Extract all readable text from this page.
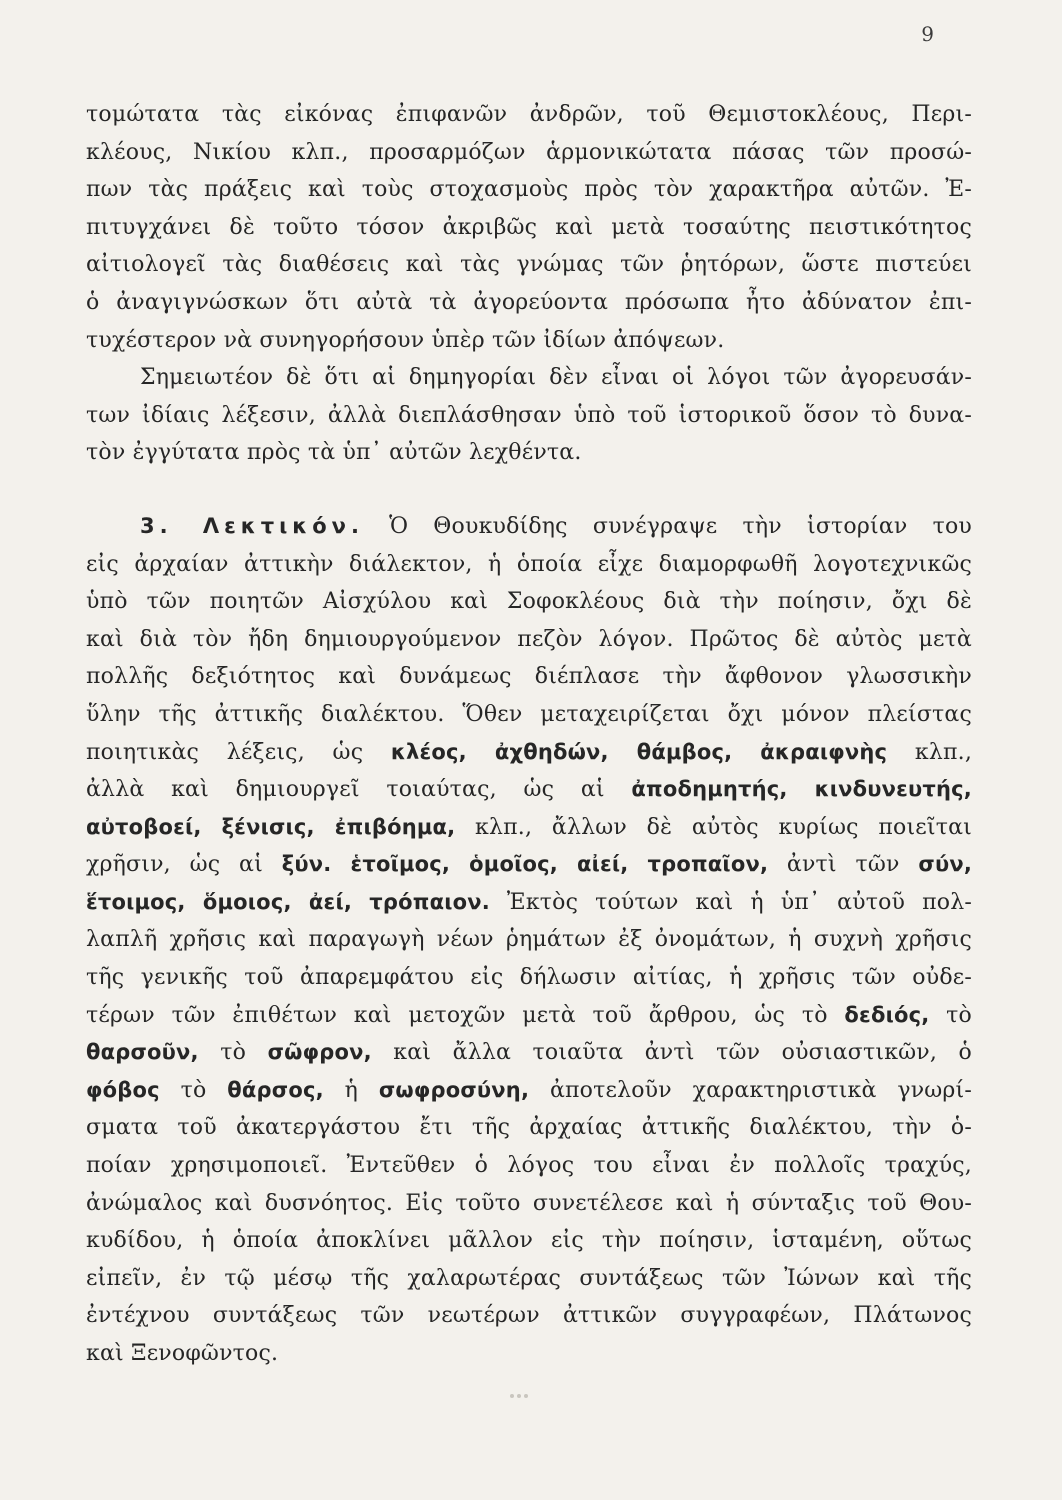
9
τομώτατα τὰς εἰκόνας ἐπιφανῶν ἀνδρῶν, τοῦ Θεμιστοκλέους, Περι-
κλέους, Νικίου κλπ., προσαρμόζων ἁρμονικώτατα πάσας τῶν προσώ-
πων τὰς πράξεις καὶ τοὺς στοχασμοὺς πρὸς τὸν χαρακτῆρα αὐτῶν. Ἐ-
πιτυγχάνει δὲ τοῦτο τόσον ἀκριβῶς καὶ μετὰ τοσαύτης πειστικότητος
αἰτιολογεῖ τὰς διαθέσεις καὶ τὰς γνώμας τῶν ῥητόρων, ὥστε πιστεύει
ὁ ἀναγιγνώσκων ὅτι αὐτὰ τὰ ἀγορεύοντα πρόσωπα ἦτο ἀδύνατον ἐπι-
τυχέστερον νὰ συνηγορήσουν ὑπὲρ τῶν ἰδίων ἀπόψεων.
Σημειωτέον δὲ ὅτι αἱ δημηγορίαι δὲν εἶναι οἱ λόγοι τῶν ἀγορευσάν-
των ἰδίαις λέξεσιν, ἀλλὰ διεπλάσθησαν ὑπὸ τοῦ ἱστορικοῦ ὅσον τὸ δυνα-
τὸν ἐγγύτατα πρὸς τὰ ὑπ᾽ αὐτῶν λεχθέντα.
3. Λεκτικόν. Ὁ Θουκυδίδης συνέγραψε τὴν ἱστορίαν του
εἰς ἀρχαίαν ἀττικὴν διάλεκτον, ἡ ὁποία εἶχε διαμορφωθῆ λογοτεχνικῶς
ὑπὸ τῶν ποιητῶν Αἰσχύλου καὶ Σοφοκλέους διὰ τὴν ποίησιν, ὄχι δὲ
καὶ διὰ τὸν ἤδη δημιουργούμενον πεζὸν λόγον. Πρῶτος δὲ αὐτὸς μετὰ
πολλῆς δεξιότητος καὶ δυνάμεως διέπλασε τὴν ἄφθονον γλωσσικὴν
ὕλην τῆς ἀττικῆς διαλέκτου. Ὅθεν μεταχειρίζεται ὄχι μόνον πλείστας
ποιητικὰς λέξεις, ὡς κλέος, ἀχθηδών, θάμβος, ἀκραιφνὴς κλπ.,
ἀλλὰ καὶ δημιουργεῖ τοιαύτας, ὡς αἱ ἀποδημητής, κινδυνευτής,
αὐτοβοεί, ξένισις, ἐπιβόημα, κλπ., ἄλλων δὲ αὐτὸς κυρίως ποιεῖται
χρῆσιν, ὡς αἱ ξύν. ἑτοῖμος, ὁμοῖος, αἰεί, τροπαῖον, ἀντὶ τῶν σύν,
ἕτοιμος, ὅμοιος, ἀεί, τρόπαιον. Ἐκτὸς τούτων καὶ ἡ ὑπ᾽ αὐτοῦ πολ-
λαπλῆ χρῆσις καὶ παραγωγὴ νέων ῥημάτων ἐξ ὀνομάτων, ἡ συχνὴ χρῆσις
τῆς γενικῆς τοῦ ἀπαρεμφάτου εἰς δήλωσιν αἰτίας, ἡ χρῆσις τῶν οὐδε-
τέρων τῶν ἐπιθέτων καὶ μετοχῶν μετὰ τοῦ ἄρθρου, ὡς τὸ δεδιός, τὸ
θαρσοῦν, τὸ σῶφρον, καὶ ἄλλα τοιαῦτα ἀντὶ τῶν οὐσιαστικῶν, ὁ
φόβος τὸ θάρσος, ἡ σωφροσύνη, ἀποτελοῦν χαρακτηριστικὰ γνωρί-
σματα τοῦ ἀκατεργάστου ἔτι τῆς ἀρχαίας ἀττικῆς διαλέκτου, τὴν ὁ-
ποίαν χρησιμοποιεῖ. Ἐντεῦθεν ὁ λόγος του εἶναι ἐν πολλοῖς τραχύς,
ἀνώμαλος καὶ δυσνόητος. Εἰς τοῦτο συνετέλεσε καὶ ἡ σύνταξις τοῦ Θου-
κυδίδου, ἡ ὁποία ἀποκλίνει μᾶλλον εἰς τὴν ποίησιν, ἱσταμένη, οὕτως
εἰπεῖν, ἐν τῷ μέσῳ τῆς χαλαρωτέρας συντάξεως τῶν Ἰώνων καὶ τῆς
ἐντέχνου συντάξεως τῶν νεωτέρων ἀττικῶν συγγραφέων, Πλάτωνος
καὶ Ξενοφῶντος.
